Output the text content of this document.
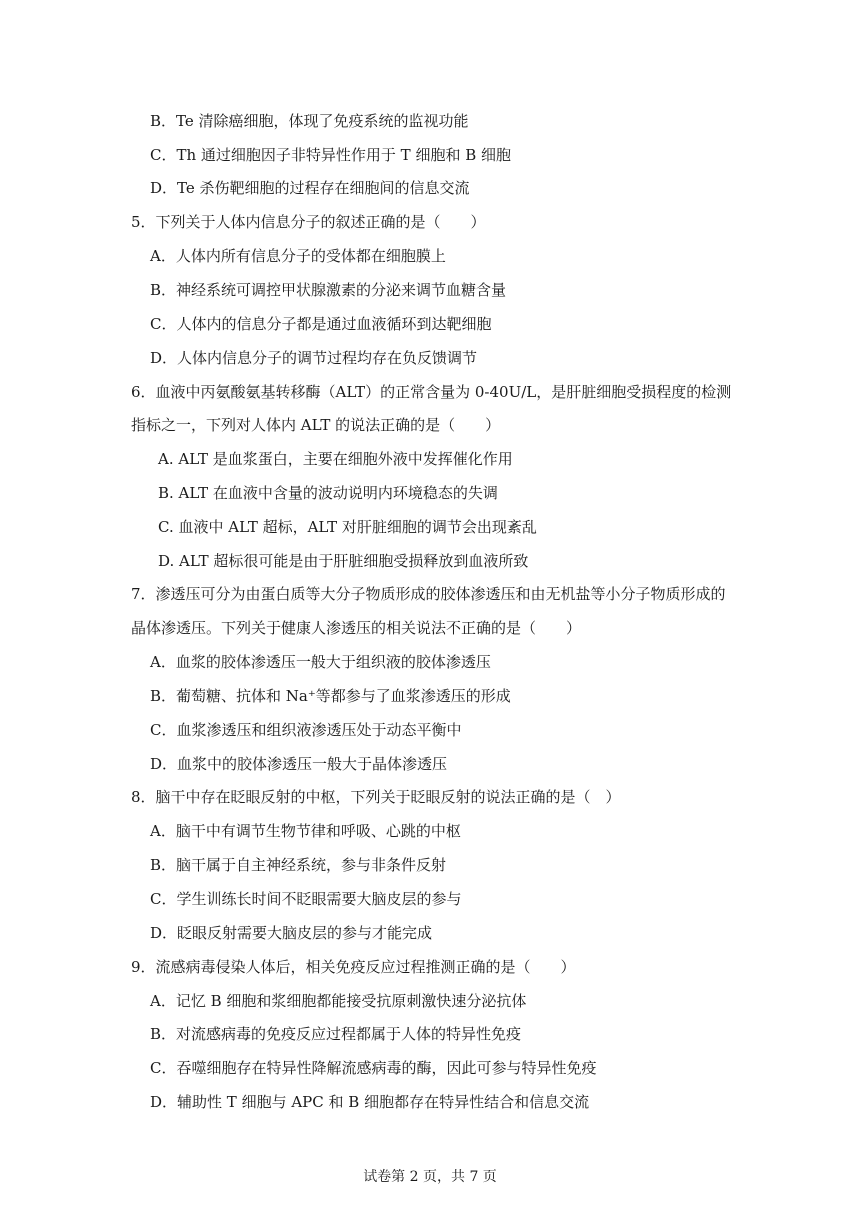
B．Te 清除癌细胞，体现了免疫系统的监视功能
C．Th 通过细胞因子非特异性作用于 T 细胞和 B 细胞
D．Te 杀伤靶细胞的过程存在细胞间的信息交流
5．下列关于人体内信息分子的叙述正确的是（　　）
A．人体内所有信息分子的受体都在细胞膜上
B．神经系统可调控甲状腺激素的分泌来调节血糖含量
C．人体内的信息分子都是通过血液循环到达靶细胞
D．人体内信息分子的调节过程均存在负反馈调节
6．血液中丙氨酸氨基转移酶（ALT）的正常含量为 0-40U/L，是肝脏细胞受损程度的检测
指标之一，下列对人体内 ALT 的说法正确的是（　　）
A. ALT 是血浆蛋白，主要在细胞外液中发挥催化作用
B. ALT 在血液中含量的波动说明内环境稳态的失调
C. 血液中 ALT 超标，ALT 对肝脏细胞的调节会出现紊乱
D. ALT 超标很可能是由于肝脏细胞受损释放到血液所致
7．渗透压可分为由蛋白质等大分子物质形成的胶体渗透压和由无机盐等小分子物质形成的
晶体渗透压。下列关于健康人渗透压的相关说法不正确的是（　　）
A．血浆的胶体渗透压一般大于组织液的胶体渗透压
B．葡萄糖、抗体和 Na⁺等都参与了血浆渗透压的形成
C．血浆渗透压和组织液渗透压处于动态平衡中
D．血浆中的胶体渗透压一般大于晶体渗透压
8．脑干中存在眨眼反射的中枢，下列关于眨眼反射的说法正确的是（　）
A．脑干中有调节生物节律和呼吸、心跳的中枢
B．脑干属于自主神经系统，参与非条件反射
C．学生训练长时间不眨眼需要大脑皮层的参与
D．眨眼反射需要大脑皮层的参与才能完成
9．流感病毒侵染人体后，相关免疫反应过程推测正确的是（　　）
A．记忆 B 细胞和浆细胞都能接受抗原刺激快速分泌抗体
B．对流感病毒的免疫反应过程都属于人体的特异性免疫
C．吞噬细胞存在特异性降解流感病毒的酶，因此可参与特异性免疫
D．辅助性 T 细胞与 APC 和 B 细胞都存在特异性结合和信息交流
试卷第 2 页，共 7 页
